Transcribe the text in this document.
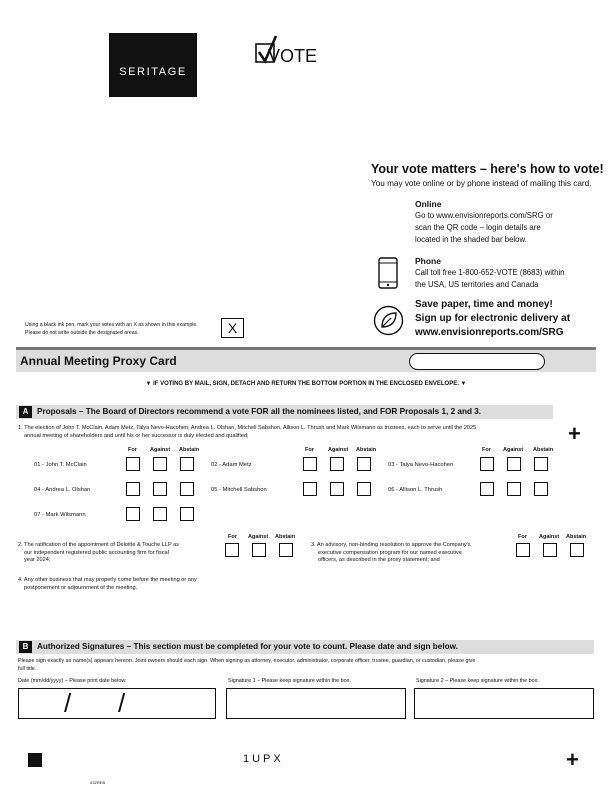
SERITAGE
VOTE
Your vote matters – here's how to vote!
You may vote online or by phone instead of mailing this card.
Online
Go to www.envisionreports.com/SRG or
scan the QR code – login details are
located in the shaded bar below.
Phone
Call toll free 1-800-652-VOTE (8683) within
the USA, US territories and Canada
Save paper, time and money!
Sign up for electronic delivery at
www.envisionreports.com/SRG
Using a black ink pen, mark your votes with an X as shown in this example.
Please do not write outside the designated areas.	X
Annual Meeting Proxy Card
▼ IF VOTING BY MAIL, SIGN, DETACH AND RETURN THE BOTTOM PORTION IN THE ENCLOSED ENVELOPE. ▼
A	Proposals – The Board of Directors recommend a vote FOR all the nominees listed, and FOR Proposals 1, 2 and 3.
1. The election of John T. McClain, Adam Metz, Talya Nevo-Hacohen, Andrea L. Olshan, Mitchell Sabshon, Allison L. Thrush and Mark Wilsmann as trustees, each to serve until the 2025
annual meeting of shareholders and until his or her successor is duly elected and qualified;	+
For Against Abstain	For	Against Abstain	For Against Abstain
01 - John T. McClain	02 - Adam Metz	03 - Talya Nevo-Hacohen
04 - Andrea L. Olshan	05 - Mitchell Sabshon	06 - Allison L. Thrush
07 - Mark Wilsmann
2. The ratification of the appointment of Deloitte & Touche LLP as
our independent registered public accounting firm for fiscal
year 2024;
For Against Abstain
3. An advisory, non-binding resolution to approve the Company's
executive compensation program for our named executive
officers, as described in the proxy statement; and
For Against Abstain
4. Any other business that may properly come before the meeting or any
postponement or adjournment of the meeting.
B	Authorized Signatures – This section must be completed for your vote to count. Please date and sign below.
Please sign exactly as name(s) appears hereon. Joint owners should each sign. When signing as attorney, executor, administrator, corporate officer, trustee, guardian, or custodian, please give
full title.
Date (mm/dd/yyyy) – Please print date below.	Signature 1 – Please keep signature within the box.	Signature 2 – Please keep signature within the box.
/ /
1UPX	+
03ZREB
